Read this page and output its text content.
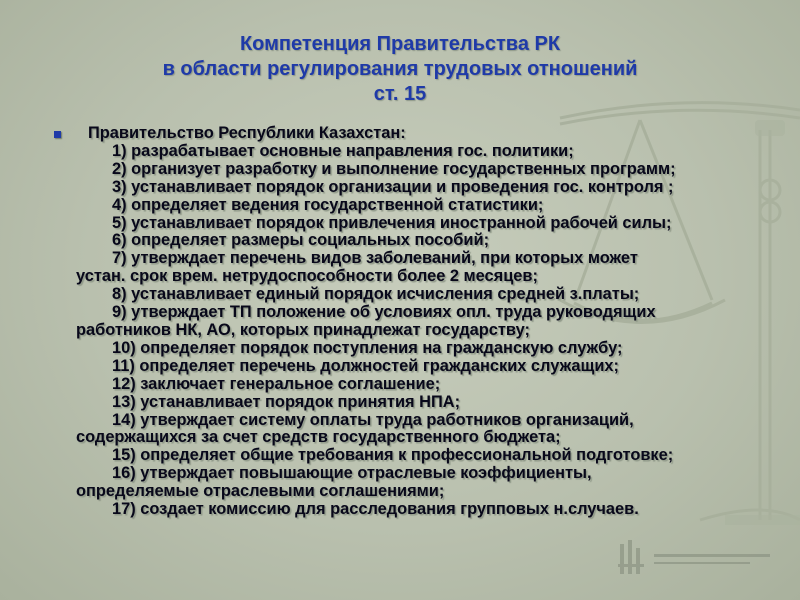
Компетенция Правительства РК
в области регулирования трудовых отношений
ст. 15
Правительство Республики Казахстан:
1) разрабатывает основные направления гос. политики;
2) организует разработку и выполнение государственных программ;
3) устанавливает порядок организации и проведения гос. контроля ;
4) определяет ведения государственной статистики;
5) устанавливает порядок привлечения иностранной рабочей силы;
6) определяет размеры социальных пособий;
7) утверждает перечень видов заболеваний, при которых может
устан. срок врем. нетрудоспособности более 2 месяцев;
8) устанавливает единый порядок исчисления средней з.платы;
9) утверждает ТП положение об условиях опл. труда руководящих
работников НК, АО, которых принадлежат государству;
10) определяет порядок поступления на гражданскую службу;
11) определяет перечень должностей гражданских служащих;
12) заключает генеральное соглашение;
13) устанавливает порядок принятия НПА;
14) утверждает систему оплаты труда работников организаций,
содержащихся за счет средств государственного бюджета;
15) определяет общие требования к профессиональной подготовке;
16) утверждает повышающие отраслевые коэффициенты,
определяемые отраслевыми соглашениями;
17) создает комиссию для расследования групповых н.случаев.
